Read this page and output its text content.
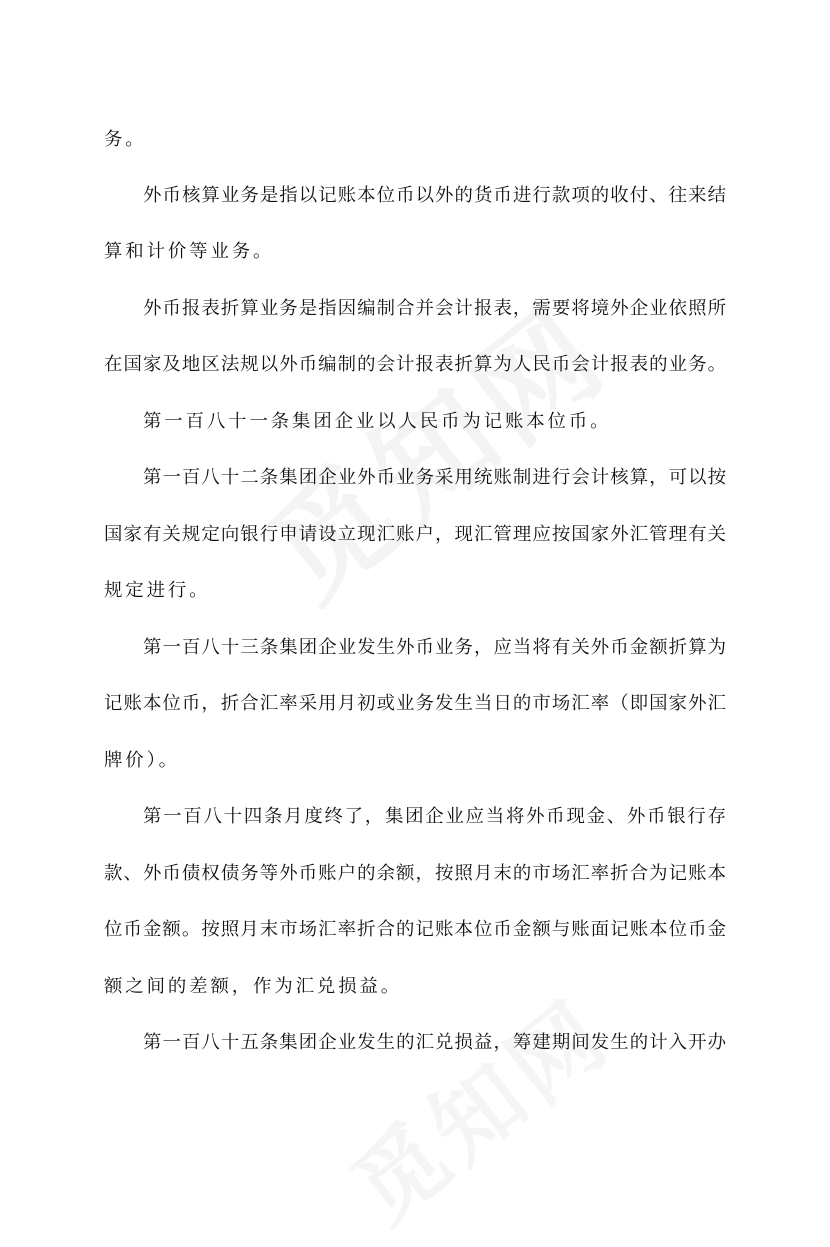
务。
外币核算业务是指以记账本位币以外的货币进行款项的收付、往来结
算和计价等业务。
外币报表折算业务是指因编制合并会计报表，需要将境外企业依照所
在国家及地区法规以外币编制的会计报表折算为人民币会计报表的业务。
第一百八十一条集团企业以人民币为记账本位币。
第一百八十二条集团企业外币业务采用统账制进行会计核算，可以按
国家有关规定向银行申请设立现汇账户，现汇管理应按国家外汇管理有关
规定进行。
第一百八十三条集团企业发生外币业务，应当将有关外币金额折算为
记账本位币，折合汇率采用月初或业务发生当日的市场汇率（即国家外汇
牌价）。
第一百八十四条月度终了，集团企业应当将外币现金、外币银行存
款、外币债权债务等外币账户的余额，按照月末的市场汇率折合为记账本
位币金额。按照月末市场汇率折合的记账本位币金额与账面记账本位币金
额之间的差额，作为汇兑损益。
第一百八十五条集团企业发生的汇兑损益，筹建期间发生的计入开办
